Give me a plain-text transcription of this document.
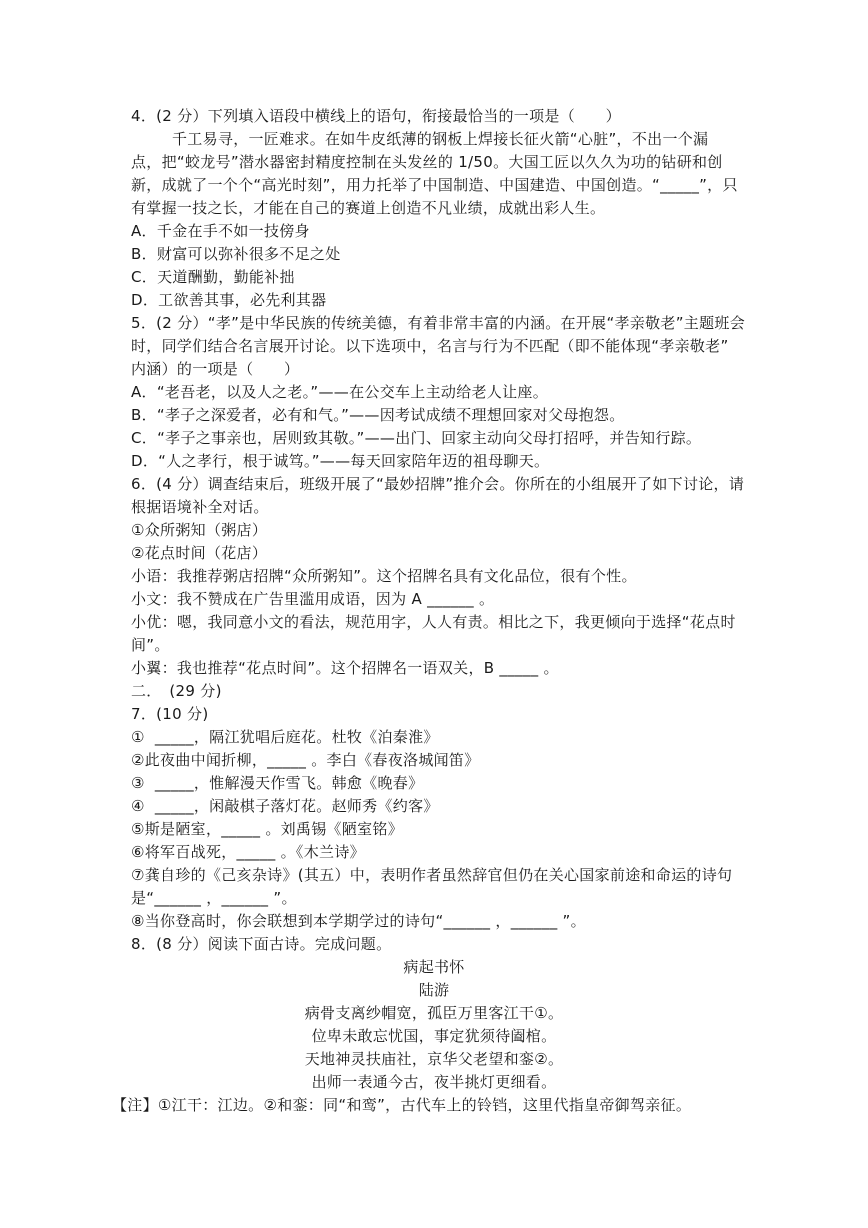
4．(2 分）下列填入语段中横线上的语句，衔接最恰当的一项是（　　）
千工易寻，一匠难求。在如牛皮纸薄的钢板上焊接长征火箭“心脏”，不出一个漏
点，把“蛟龙号”潜水器密封精度控制在头发丝的 1/50。大国工匠以久久为功的钻研和创
新，成就了一个个“高光时刻”，用力托举了中国制造、中国建造、中国创造。“_____”，只
有掌握一技之长，才能在自己的赛道上创造不凡业绩，成就出彩人生。
A．千金在手不如一技傍身
B．财富可以弥补很多不足之处
C．天道酬勤，勤能补拙
D．工欲善其事，必先利其器
5．(2 分）“孝”是中华民族的传统美德，有着非常丰富的内涵。在开展“孝亲敬老”主题班会
时，同学们结合名言展开讨论。以下选项中，名言与行为不匹配（即不能体现“孝亲敬老”
内涵）的一项是（　　）
A．“老吾老，以及人之老。”——在公交车上主动给老人让座。
B．“孝子之深爱者，必有和气。”——因考试成绩不理想回家对父母抱怨。
C．“孝子之事亲也，居则致其敬。”——出门、回家主动向父母打招呼，并告知行踪。
D．“人之孝行，根于诚笃。”——每天回家陪年迈的祖母聊天。
6．(4 分）调查结束后，班级开展了“最妙招牌”推介会。你所在的小组展开了如下讨论，请
根据语境补全对话。
①众所粥知（粥店）
②花点时间（花店）
小语：我推荐粥店招牌“众所粥知”。这个招牌名具有文化品位，很有个性。
小文：我不赞成在广告里滥用成语，因为 A ______ 。
小优：嗯，我同意小文的看法，规范用字，人人有责。相比之下，我更倾向于选择“花点时
间”。
小翼：我也推荐“花点时间”。这个招牌名一语双关，B _____ 。
二．　(29 分)
7．(10 分)
①  _____，隔江犹唱后庭花。杜牧《泊秦淮》
②此夜曲中闻折柳，_____ 。李白《春夜洛城闻笛》
③  _____，惟解漫天作雪飞。韩愈《晚春》
④  _____，闲敲棋子落灯花。赵师秀《约客》
⑤斯是陋室，_____ 。刘禹锡《陋室铭》
⑥将军百战死，_____ 。《木兰诗》
⑦龚自珍的《己亥杂诗》(其五）中，表明作者虽然辞官但仍在关心国家前途和命运的诗句
是“______ ，______ ”。
⑧当你登高时，你会联想到本学期学过的诗句“______ ，______ ”。
8．(8 分）阅读下面古诗。完成问题。
病起书怀
陆游
病骨支离纱帽宽，孤臣万里客江干①。
位卑未敢忘忧国，事定犹须待阖棺。
天地神灵扶庙社，京华父老望和銮②。
出师一表通今古，夜半挑灯更细看。
【注】①江干：江边。②和銮：同“和鸾”，古代车上的铃铛，这里代指皇帝御驾亲征。
